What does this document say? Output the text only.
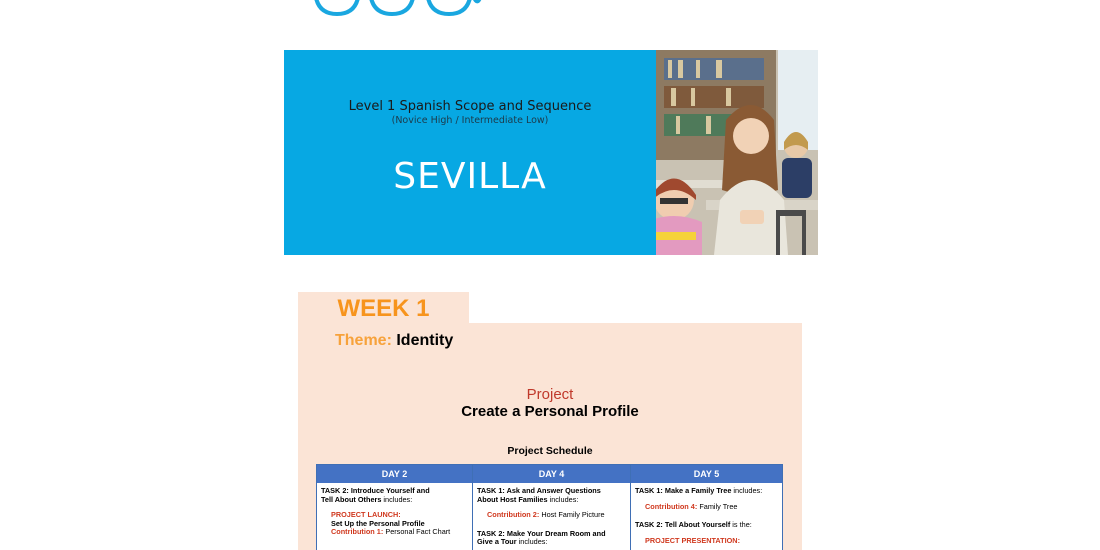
Level 1 Spanish Scope and Sequence
(Novice High / Intermediate Low)
SEVILLA
WEEK 1
Theme: Identity
Project
Create a Personal Profile
Project Schedule
DAY 2
TASK 2: Introduce Yourself and
Tell About Others includes:
PROJECT LAUNCH:
Set Up the Personal Profile
Contribution 1: Personal Fact Chart
DAY 4
TASK 1: Ask and Answer Questions
About Host Families includes:
Contribution 2: Host Family Picture
TASK 2: Make Your Dream Room and
Give a Tour includes:
DAY 5
TASK 1: Make a Family Tree includes:
Contribution 4: Family Tree
TASK 2: Tell About Yourself is the:
PROJECT PRESENTATION:
